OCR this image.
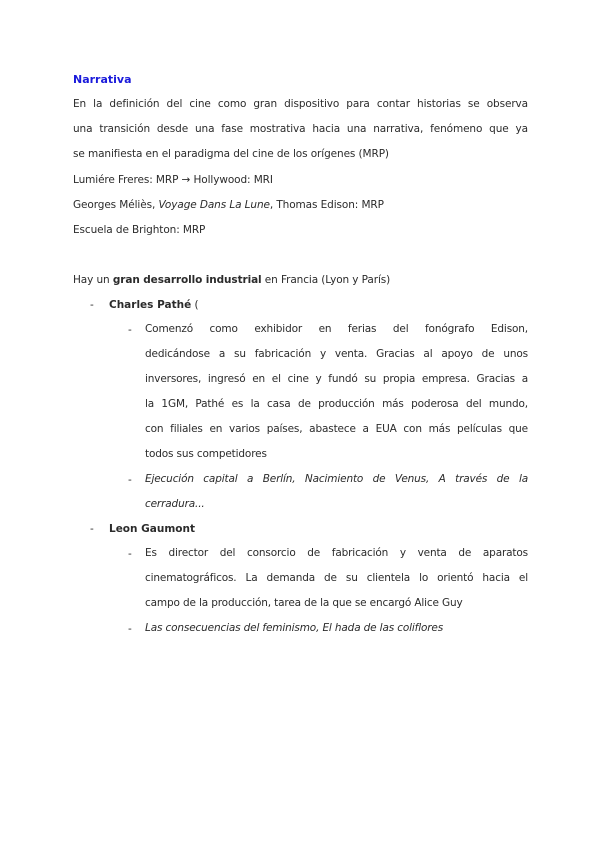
Narrativa
En la definición del cine como gran dispositivo para contar historias se observa
una transición desde una fase mostrativa hacia una narrativa, fenómeno que ya
se manifiesta en el paradigma del cine de los orígenes (MRP)
Lumiére Freres: MRP → Hollywood: MRI
Georges Méliès, Voyage Dans La Lune, Thomas Edison: MRP
Escuela de Brighton: MRP
Hay un gran desarrollo industrial en Francia (Lyon y París)
- Charles Pathé (
- Comenzó como exhibidor en ferias del fonógrafo Edison,
dedicándose a su fabricación y venta. Gracias al apoyo de unos
inversores, ingresó en el cine y fundó su propia empresa. Gracias a
la 1GM, Pathé es la casa de producción más poderosa del mundo,
con filiales en varios países, abastece a EUA con más películas que
todos sus competidores
- Ejecución capital a Berlín, Nacimiento de Venus, A través de la
cerradura...
- Leon Gaumont
- Es director del consorcio de fabricación y venta de aparatos
cinematográficos. La demanda de su clientela lo orientó hacia el
campo de la producción, tarea de la que se encargó Alice Guy
- Las consecuencias del feminismo, El hada de las coliflores
